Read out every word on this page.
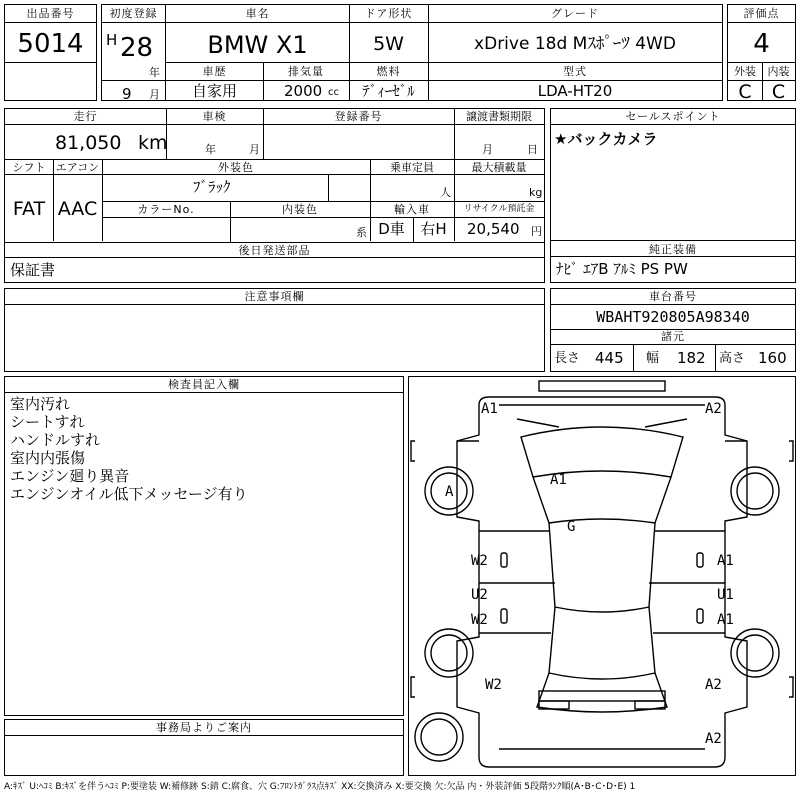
出品番号
5014
初度登録
H 28
年
9 月
車名
BMW X1
ドア形状
5W
グレード
xDrive 18d Mｽﾎﾟｰﾂ 4WD
車歴
自家用
排気量
2000 cc
燃料
ﾃﾞｨｰｾﾞﾙ
型式
LDA-HT20
評価点
4
外装
C
内装
C
走行
81,050 km
車検
年	月
登録番号	譲渡書類期限
月	日
シフト
FAT
エアコン
AAC
外装色
ﾌﾞﾗｯｸ
カラーNo.	内装色
系
乗車定員
人
最大積載量
kg
輸入車
D車	右H
リサイクル預託金
20,540 円
後日発送部品
保証書
セールスポイント
★バックカメラ
純正装備
ﾅﾋﾞ ｴｱB ｱﾙﾐ PS PW
注意事項欄	車台番号
WBAHT920805A98340
諸元
長さ 445 幅 182 高さ 160
検査員記入欄
室内汚れ
シートすれ
ハンドルすれ
室内内張傷
エンジン廻り異音
エンジンオイル低下メッセージ有り
事務局よりご案内
A1	A2
A1
A
G
W2	A1
U2	U1
W2	A1
W2	A2
A2
A:ｷｽﾞ U:ﾍｺﾐ B:ｷｽﾞを伴うﾍｺﾐ P:要塗装 W:補修跡 S:錆 C:腐食、穴 G:ﾌﾛﾝﾄｶﾞﾗｽ点ｷｽﾞ XX:交換済み X:要交換 欠:欠品 内・外装評価 5段階ﾗﾝｸ順(A･B･C･D･E) 1
